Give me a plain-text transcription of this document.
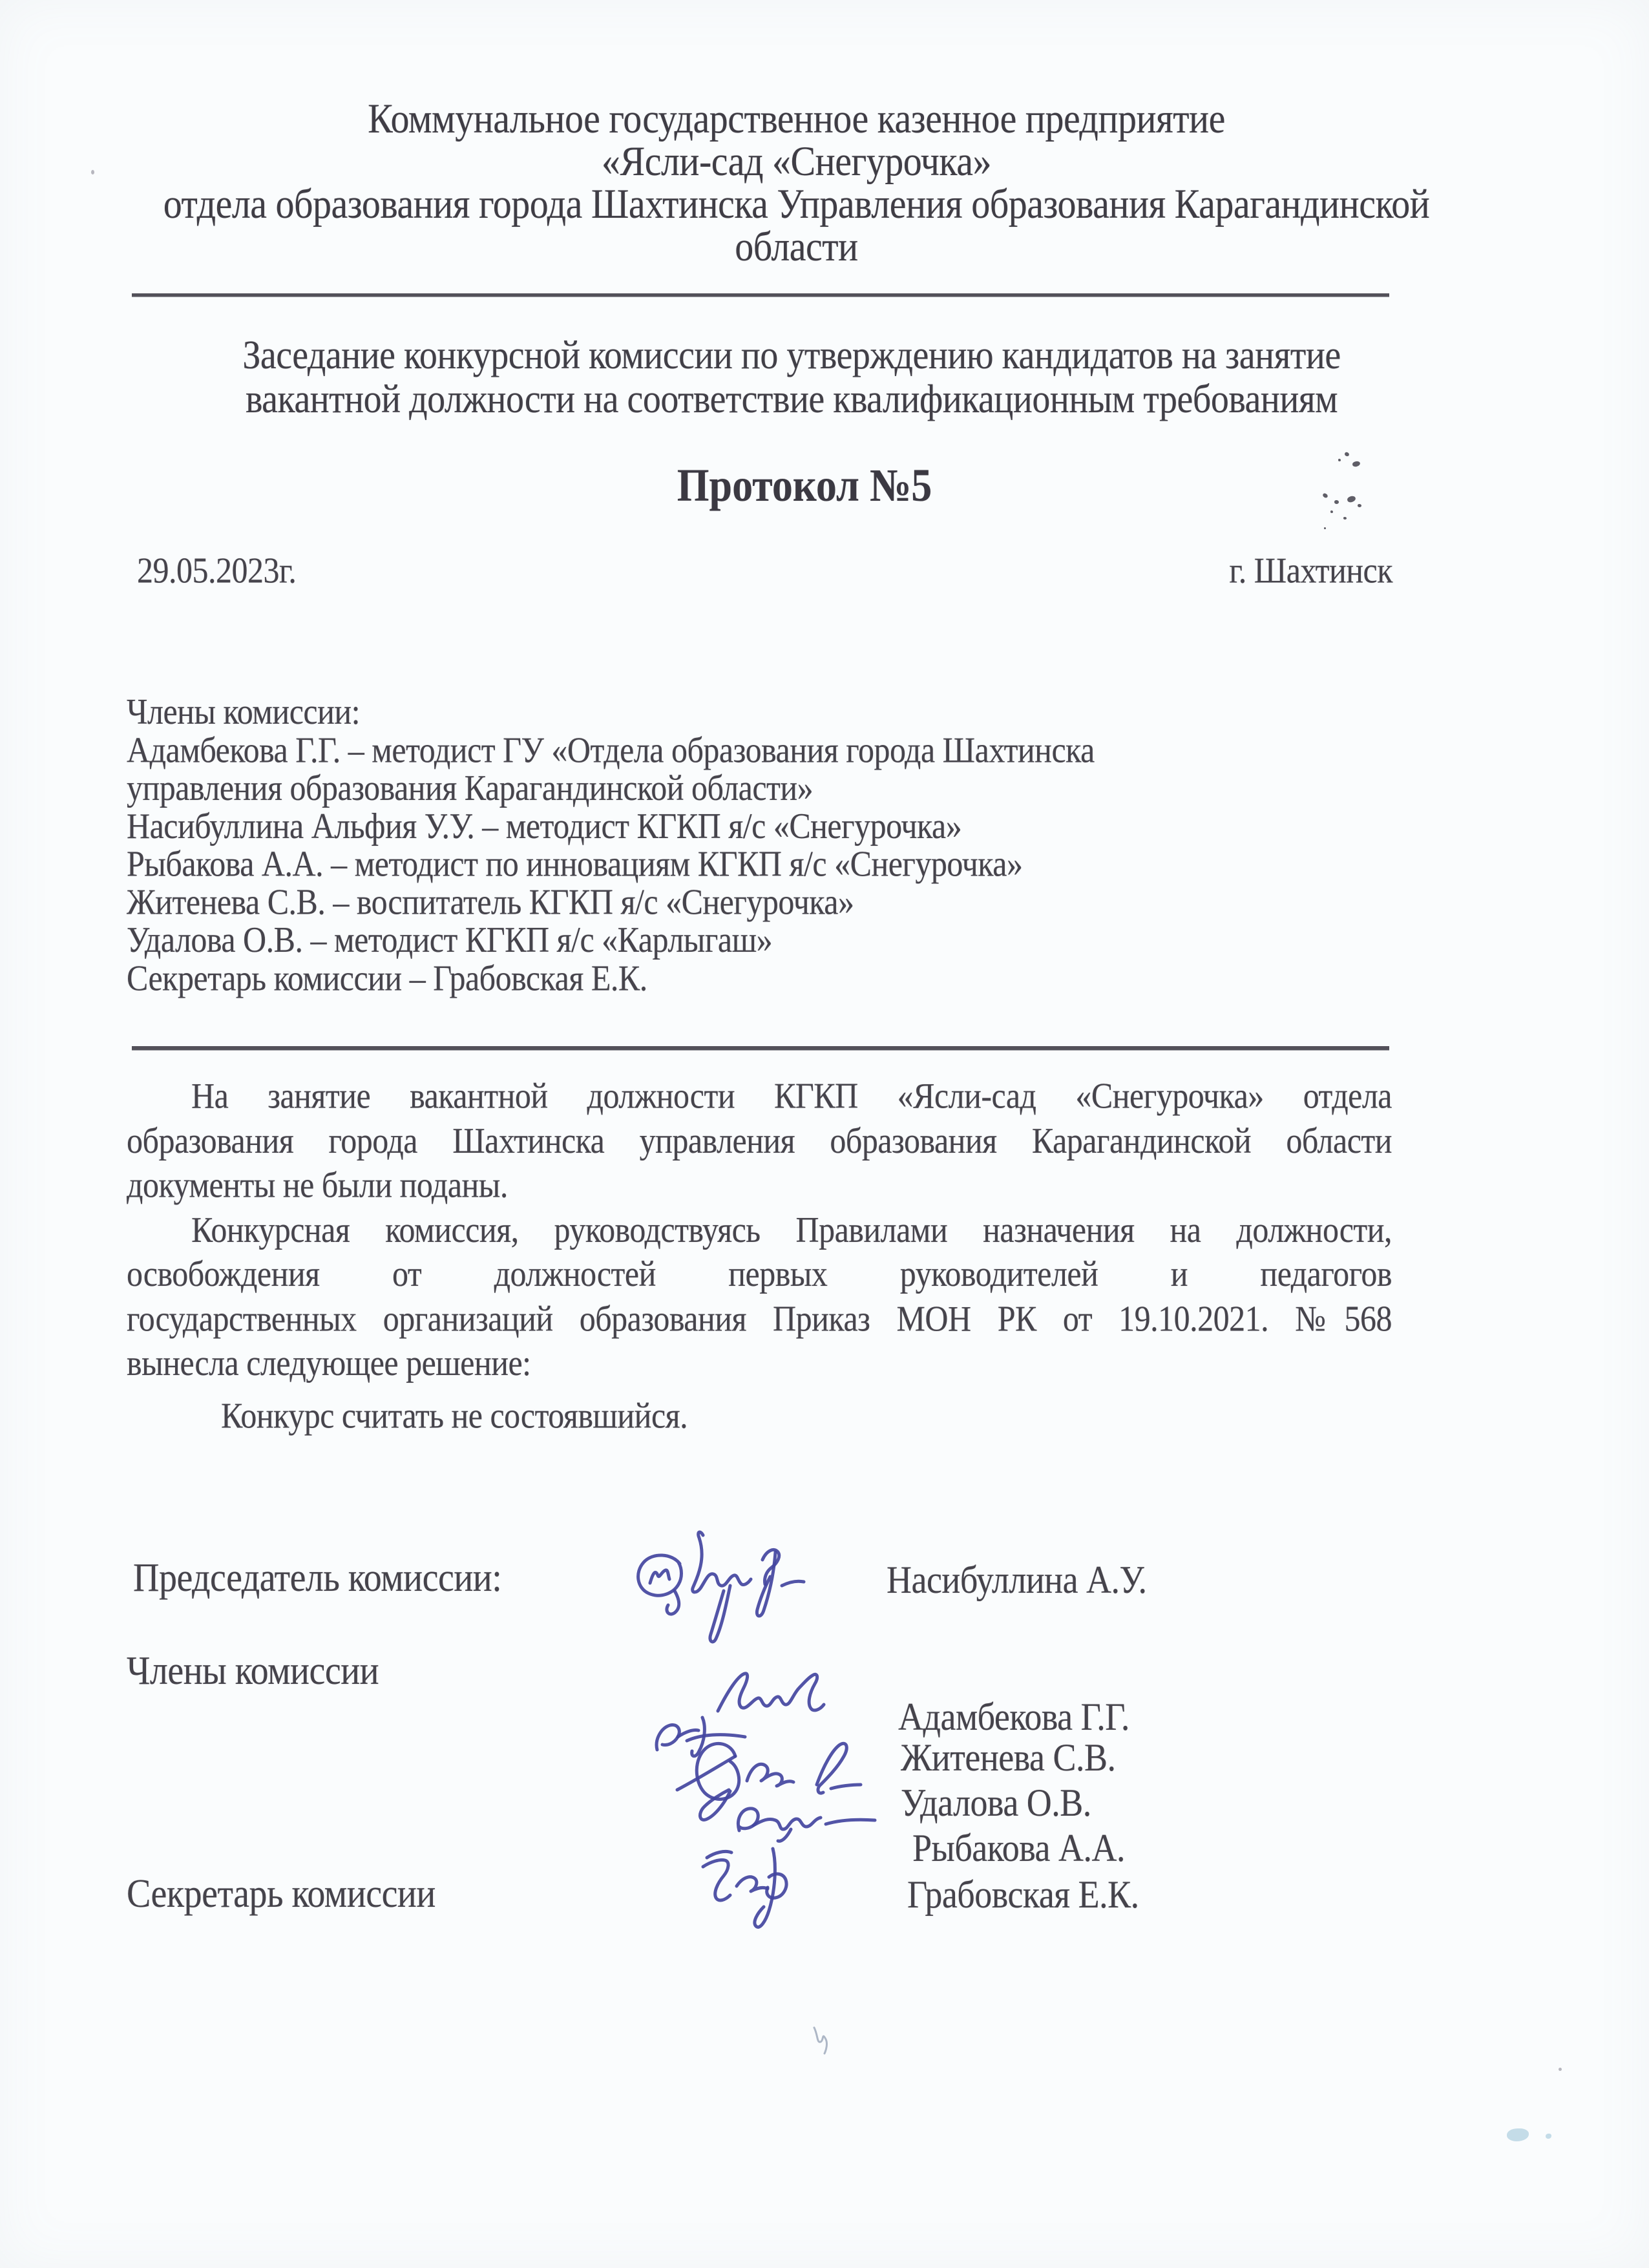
Коммунальное государственное казенное предприятие
«Ясли-сад «Снегурочка»
отдела образования города Шахтинска Управления образования Карагандинской
области
Заседание конкурсной комиссии по утверждению кандидатов на занятие
вакантной должности на соответствие квалификационным требованиям
Протокол №5
29.05.2023г.	г. Шахтинск
Члены комиссии:
Адамбекова Г.Г. – методист ГУ «Отдела образования города Шахтинска
управления образования Карагандинской области»
Насибуллина Альфия У.У. – методист КГКП я/с «Снегурочка»
Рыбакова А.А. – методист по инновациям КГКП я/с «Снегурочка»
Житенева С.В. – воспитатель КГКП я/с «Снегурочка»
Удалова О.В. – методист КГКП я/с «Карлыгаш»
Секретарь комиссии – Грабовская Е.К.
На занятие вакантной должности КГКП «Ясли-сад «Снегурочка» отдела
образования города Шахтинска управления образования Карагандинской области
документы не были поданы.
Конкурсная комиссия, руководствуясь Правилами назначения на должности,
освобождения от должностей первых руководителей и педагогов
государственных организаций образования Приказ МОН РК от 19.10.2021. №568
вынесла следующее решение:
Конкурс считать не состоявшийся.
Председатель комиссии:	Насибуллина А.У.
Члены комиссии
Адамбекова Г.Г.
Житенева С.В.
Удалова О.В.
Рыбакова А.А.
Секретарь комиссии	Грабовская Е.К.
